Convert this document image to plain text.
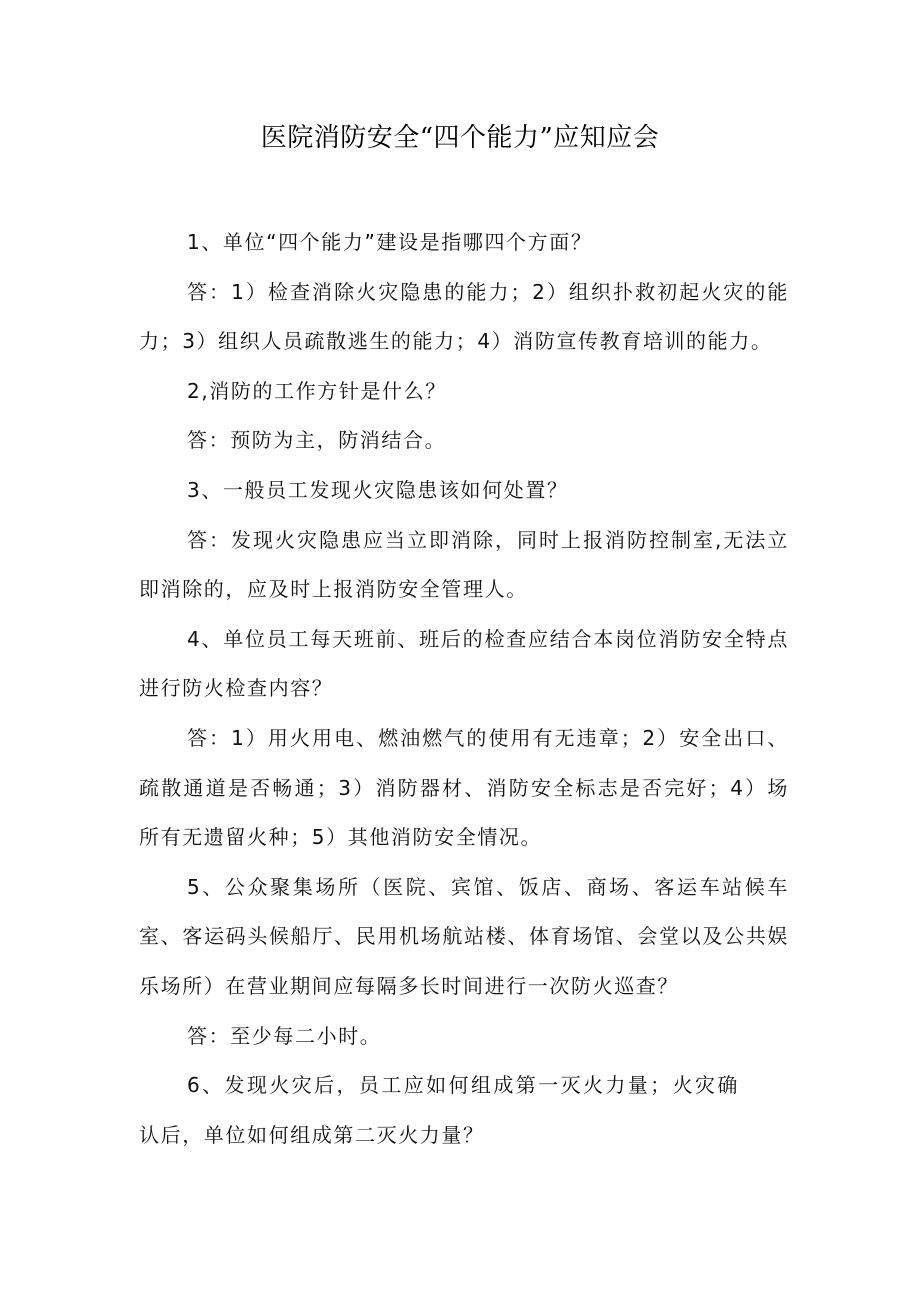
医院消防安全“四个能力”应知应会

1、单位“四个能力”建设是指哪四个方面？

答：1）检查消除火灾隐患的能力；2）组织扑救初起火灾的能力；3）组织人员疏散逃生的能力；4）消防宣传教育培训的能力。

2,消防的工作方针是什么？

答：预防为主，防消结合。

3、一般员工发现火灾隐患该如何处置？

答：发现火灾隐患应当立即消除，同时上报消防控制室,无法立即消除的，应及时上报消防安全管理人。

4、单位员工每天班前、班后的检查应结合本岗位消防安全特点进行防火检查内容？

答：1）用火用电、燃油燃气的使用有无违章；2）安全出口、疏散通道是否畅通；3）消防器材、消防安全标志是否完好；4）场所有无遗留火种；5）其他消防安全情况。

5、公众聚集场所（医院、宾馆、饭店、商场、客运车站候车室、客运码头候船厅、民用机场航站楼、体育场馆、会堂以及公共娱乐场所）在营业期间应每隔多长时间进行一次防火巡查？

答：至少每二小时。

6、发现火灾后，员工应如何组成第一灭火力量；火灾确认后，单位如何组成第二灭火力量？
